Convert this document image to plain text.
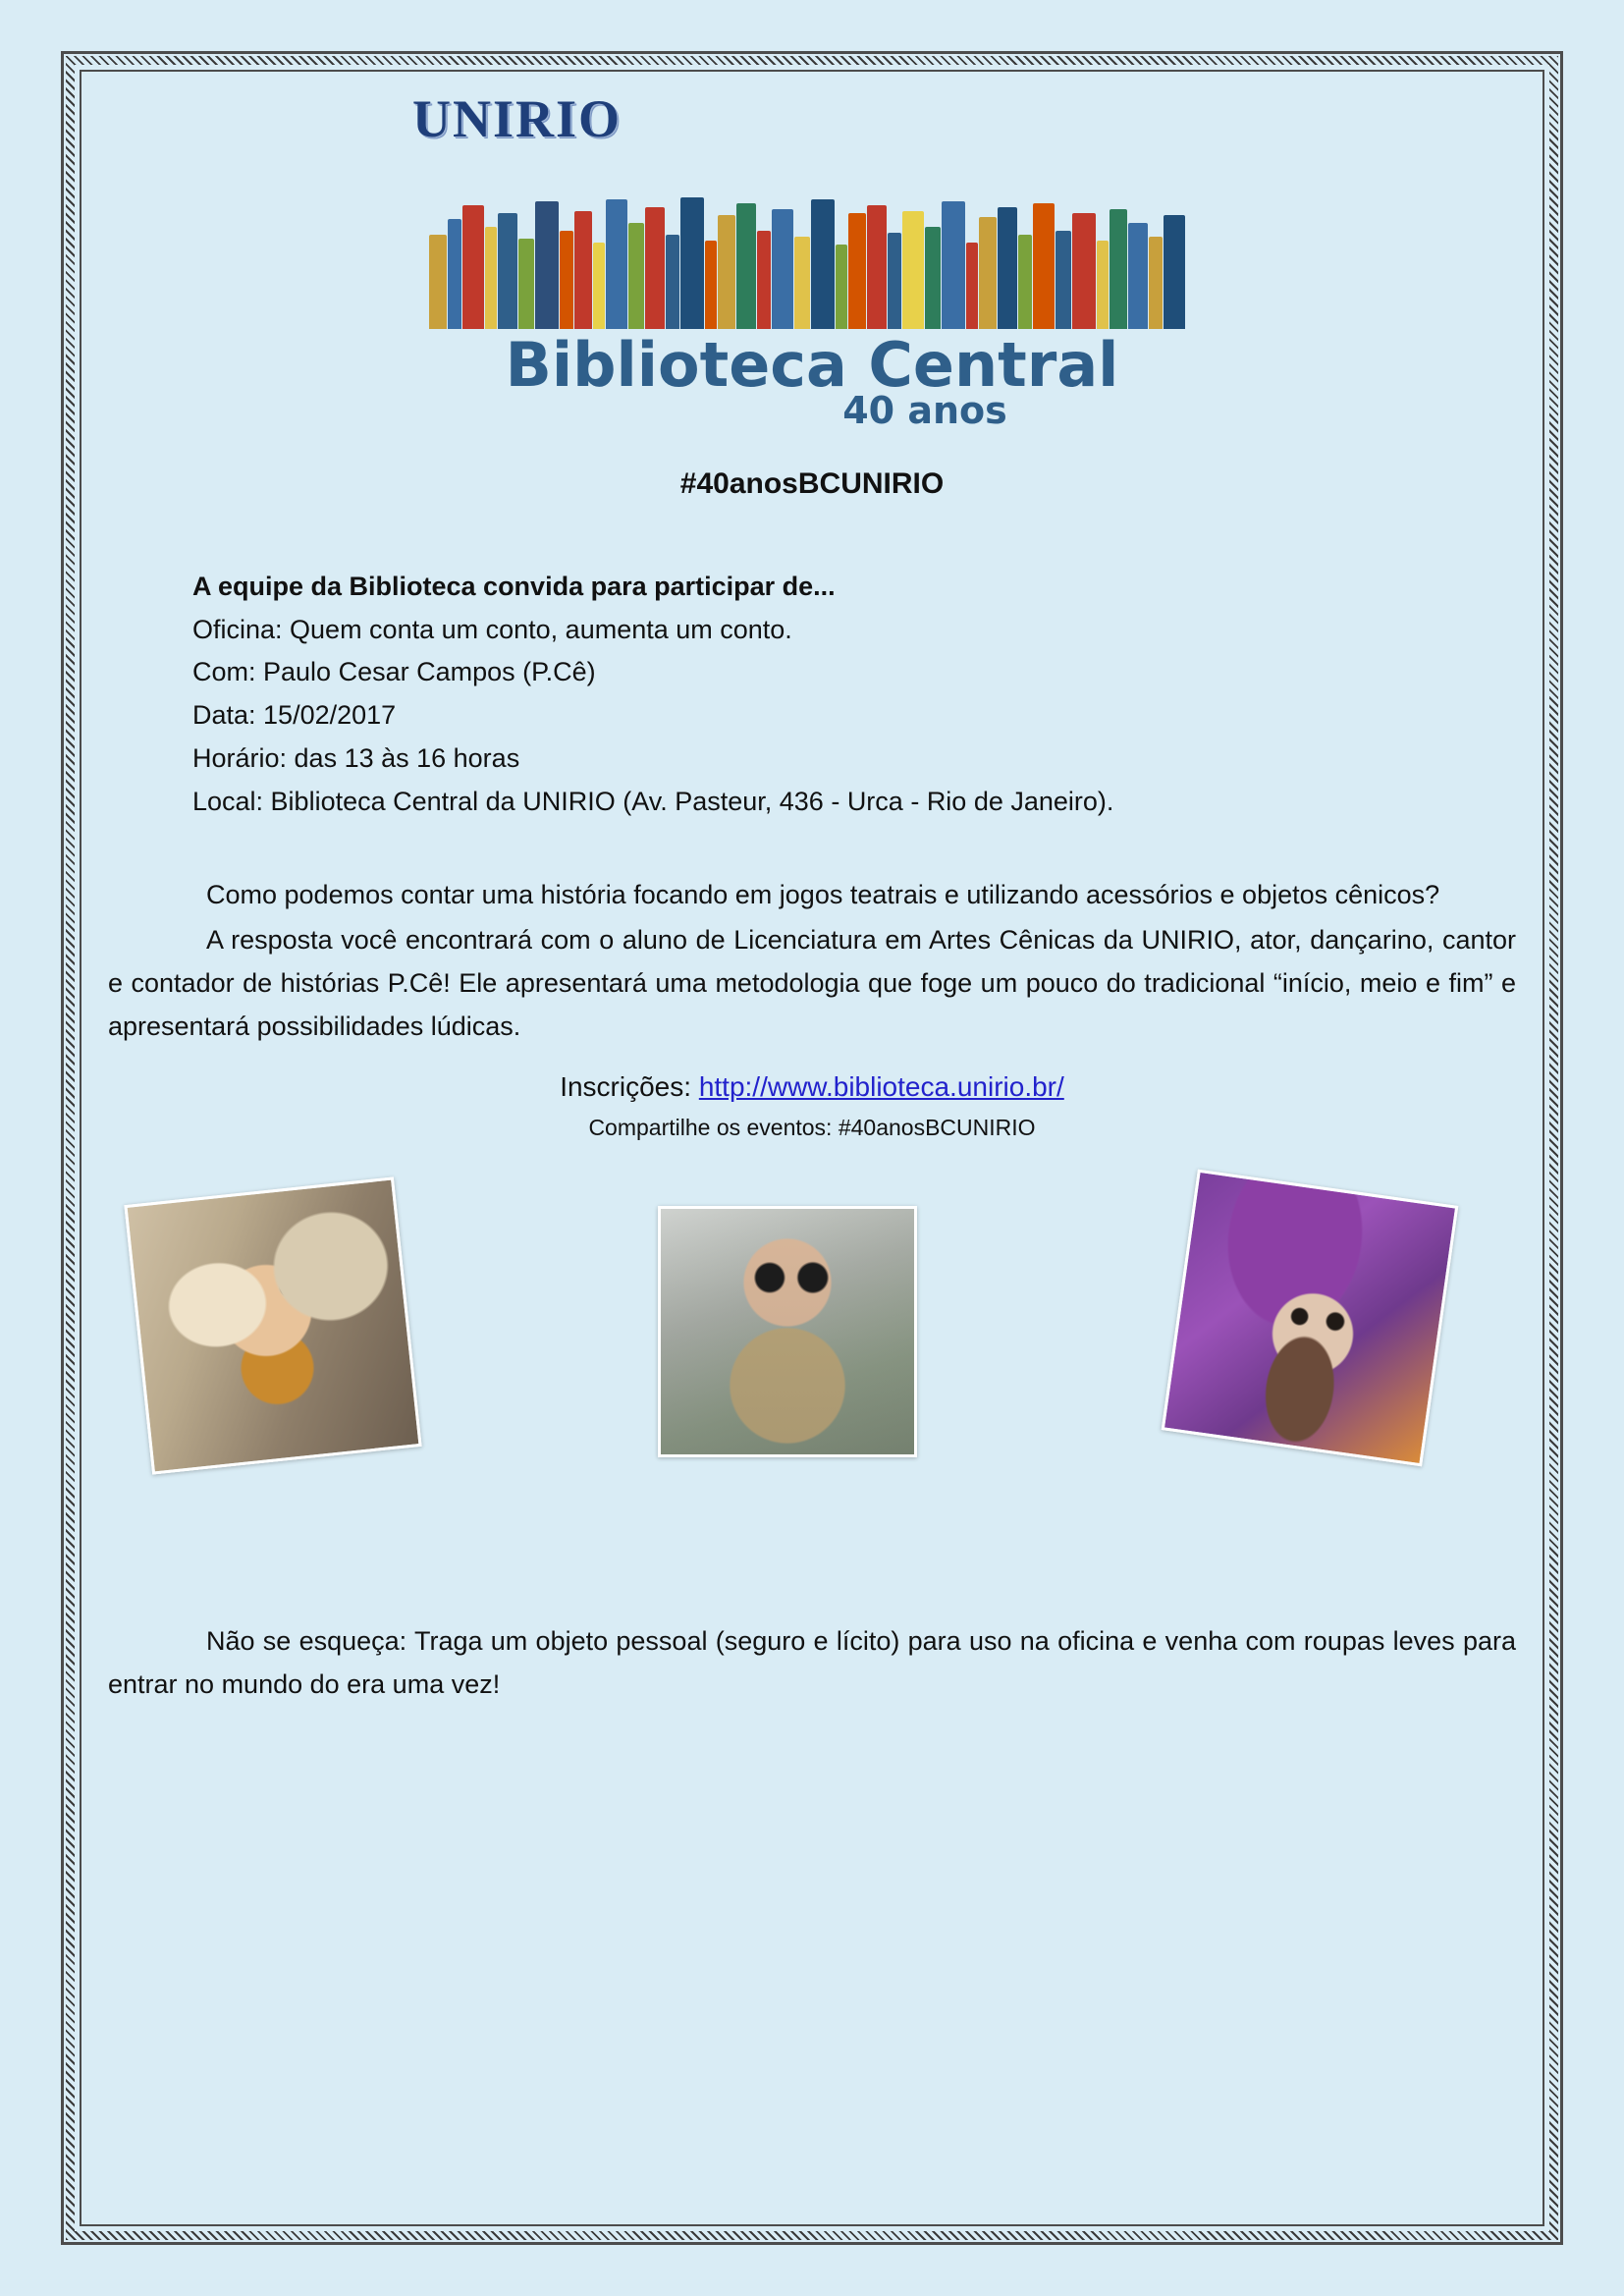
UNIRIO
Biblioteca Central
40 anos
#40anosBCUNIRIO
A equipe da Biblioteca convida para participar de...
Oficina: Quem conta um conto, aumenta um conto.
Com: Paulo Cesar Campos (P.Cê)
Data: 15/02/2017
Horário: das 13 às 16 horas
Local: Biblioteca Central da UNIRIO (Av. Pasteur, 436 - Urca - Rio de Janeiro).

Como podemos contar uma história focando em jogos teatrais e utilizando acessórios e objetos cênicos?

A resposta você encontrará com o aluno de Licenciatura em Artes Cênicas da UNIRIO, ator, dançarino, cantor e contador de histórias P.Cê! Ele apresentará uma metodologia que foge um pouco do tradicional “início, meio e fim” e apresentará possibilidades lúdicas.

Inscrições: http://www.biblioteca.unirio.br/
Compartilhe os eventos: #40anosBCUNIRIO

Não se esqueça: Traga um objeto pessoal (seguro e lícito) para uso na oficina e venha com roupas leves para entrar no mundo do era uma vez!
